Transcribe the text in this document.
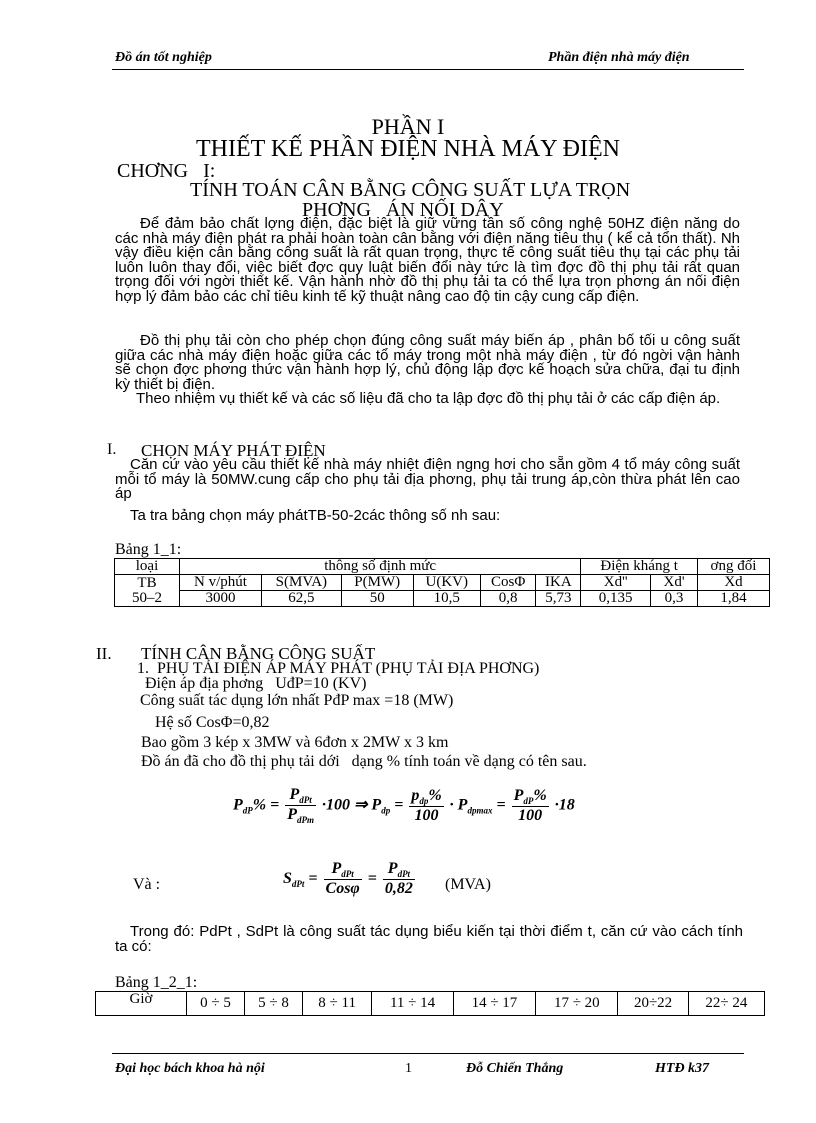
Đồ án tốt nghiệp	Phần điện nhà máy điện
PHẦN I
THIẾT KẾ PHẦN ĐIỆN NHÀ MÁY ĐIỆN
CHƠNG   I:
TÍNH TOÁN CÂN BẰNG CÔNG SUẤT LỰA TRỌN
PHƠNG   ÁN NỐI DÂY

Để đảm bảo chất lợng điện, đặc biệt là giữ vững tần số công nghệ 50HZ điện năng do các nhà máy điện phát ra phải hoàn toàn cân bằng với điện năng tiêu thụ ( kể cả tổn thất). Nh vậy điều kiện cân bằng công suất là rất quan trọng, thực tế công suất tiêu thụ tại các phụ tải luôn luôn thay đổi, việc biết đợc quy luật biến đổi này tức là tìm đợc đồ thị phụ tải rất quan trọng đối với ngời thiết kế. Vận hành nhờ đồ thị phụ tải ta có thể lựa trọn phơng án nối điện hợp lý đảm bảo các chỉ tiêu kinh tế kỹ thuật nâng cao độ tin cậy cung cấp điện.

Đồ thị phụ tải còn cho phép chọn đúng công suất máy biến áp , phân bố tối u công suất giữa các nhà máy điện hoặc giữa các tổ máy trong một nhà máy điện , từ đó ngời vận hành sẽ chọn đợc phơng thức vận hành hợp lý, chủ động lập đợc kế hoạch sửa chữa, đại tu định kỳ thiết bị điện.

Theo nhiệm vụ thiết kế và các số liệu đã cho ta lập đợc đồ thị phụ tải ở các cấp điện áp.

I. CHỌN MÁY PHÁT ĐIỆN

Căn cứ vào yêu cầu thiết kế nhà máy nhiệt điện ngng hơi cho sẵn gồm 4 tổ máy công suất mỗi tổ máy là 50MW.cung cấp cho phụ tải địa phơng, phụ tải trung áp,còn thừa phát lên cao áp

Ta tra bảng chọn máy phátTB-50-2các thông số nh sau:

Bảng 1_1:
loại	thông số định mức						Điện kháng t		ơng đối
TB
50–2	N v/phút	S(MVA)	P(MW)	U(KV)	CosΦ	IKA	Xd''	Xd'	Xd
	3000	62,5	50	10,5	0,8	5,73	0,135	0,3	1,84
II. TÍNH CÂN BẰNG CÔNG SUẤT
1.  PHỤ TẢI ĐIỆN ÁP MÁY PHÁT (PHỤ TẢI ĐỊA PHƠNG)
Điện áp địa phơng   UđP=10 (KV)
Công suất tác dụng lớn nhất PđP max =18 (MW)
Hệ số CosΦ=0,82
Bao gồm 3 kép x 3MW và 6đơn x 2MW x 3 km
Đồ án đã cho đồ thị phụ tải dới   dạng % tính toán về dạng có tên sau.
$P_{dP}\% = \frac{P_{dPt}}{P_{dPm}} \cdot 100$ ⇒ $P_{dp} = \frac{p_{dp}\%}{100} \cdot P_{dpmax} = \frac{P_{dP}\%}{100} \cdot 18$
Và :	$S_{dPt} = \frac{P_{dPt}}{\text{Cosφ}} = \frac{P_{dPt}}{0,82} (MVA)$

Trong đó: PdPt , SdPt là công suất tác dụng biểu kiến tại thời điểm t, căn cứ vào cách tính ta có:

Bảng 1_2_1:
Giờ	0 ÷ 5	5 ÷ 8	8 ÷ 11	11 ÷ 14	14 ÷ 17	17 ÷ 20	20÷22	22÷ 24
Đại học bách khoa hà nội	1	Đỗ Chiến Thắng	HTĐ k37
